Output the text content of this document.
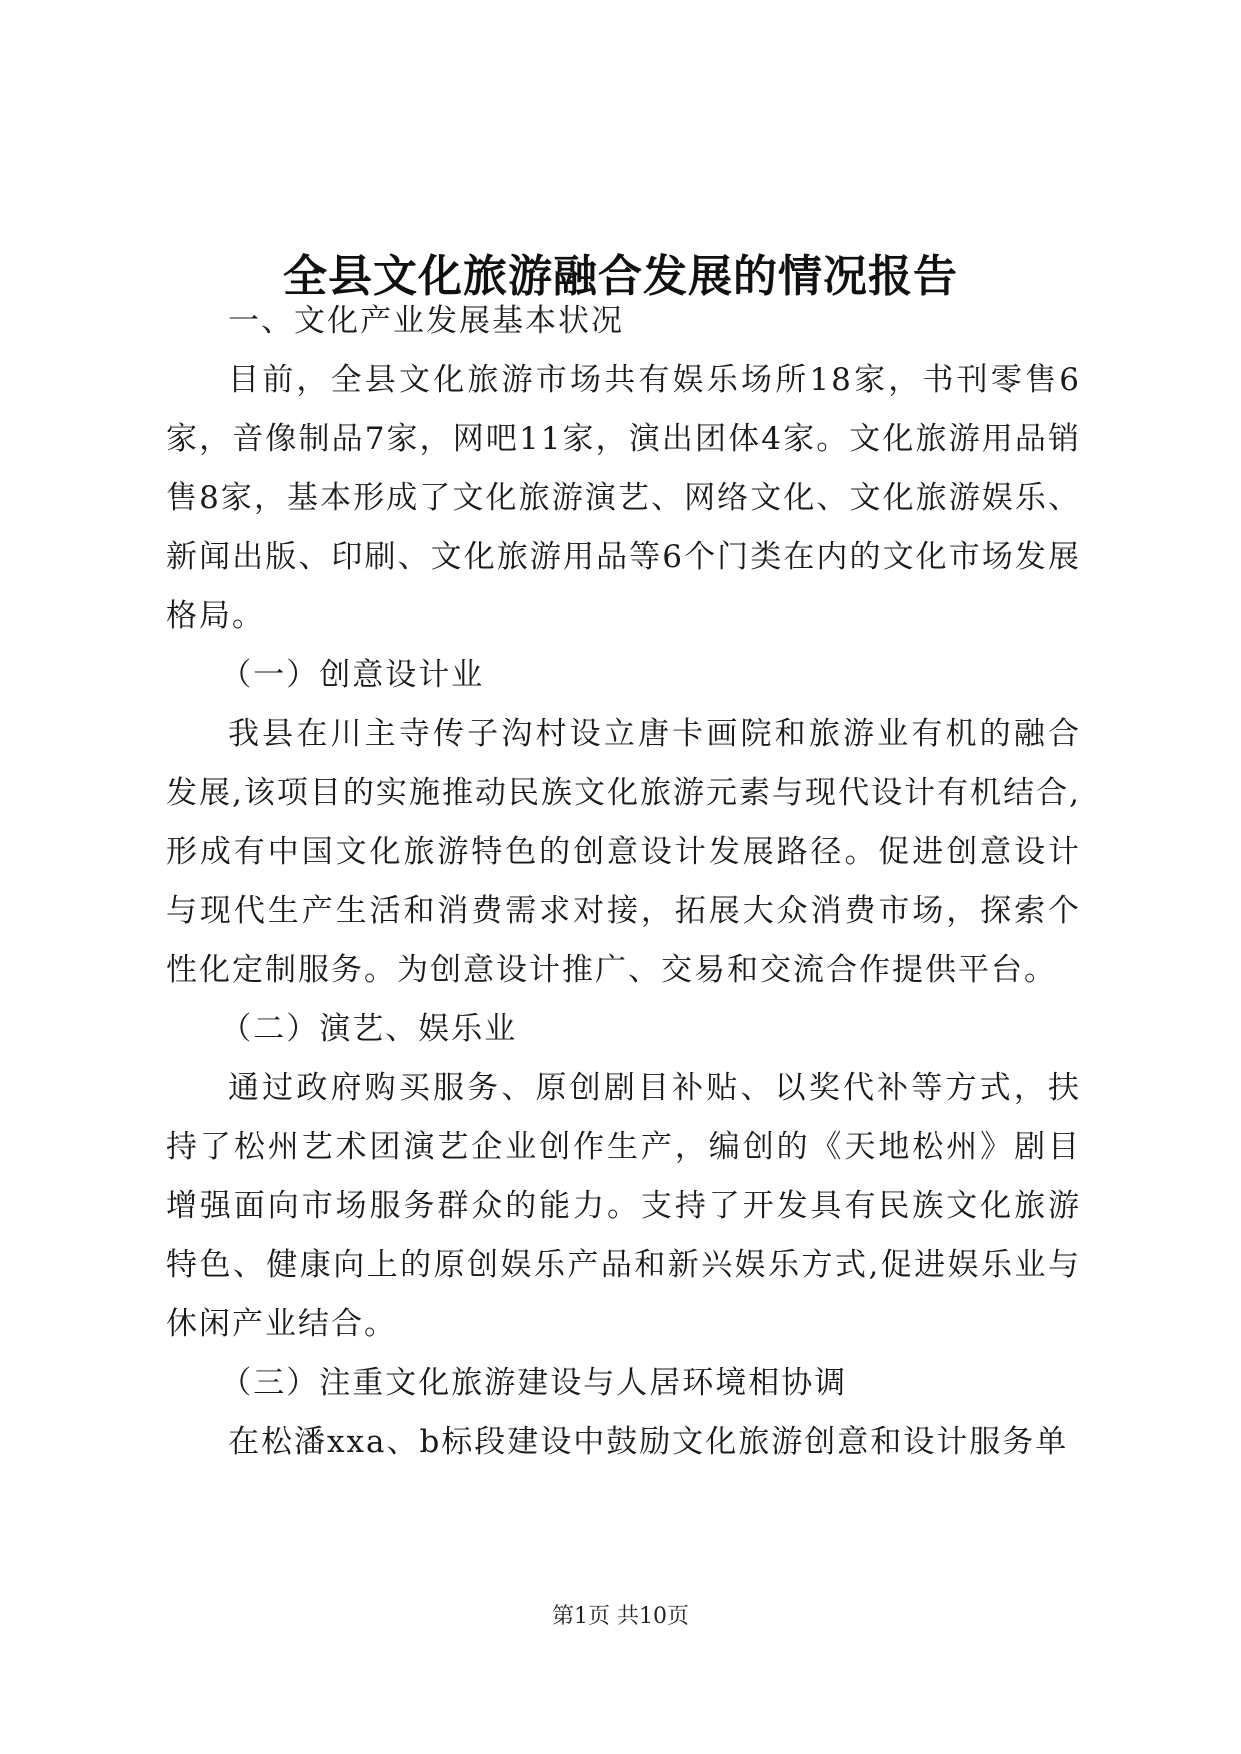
全县文化旅游融合发展的情况报告

一、文化产业发展基本状况

目前，全县文化旅游市场共有娱乐场所18家，书刊零售6家，音像制品7家，网吧11家，演出团体4家。文化旅游用品销售8家，基本形成了文化旅游演艺、网络文化、文化旅游娱乐、新闻出版、印刷、文化旅游用品等6个门类在内的文化市场发展格局。

（一）创意设计业

我县在川主寺传子沟村设立唐卡画院和旅游业有机的融合发展,该项目的实施推动民族文化旅游元素与现代设计有机结合,形成有中国文化旅游特色的创意设计发展路径。促进创意设计与现代生产生活和消费需求对接，拓展大众消费市场，探索个性化定制服务。为创意设计推广、交易和交流合作提供平台。

（二）演艺、娱乐业

通过政府购买服务、原创剧目补贴、以奖代补等方式，扶持了松州艺术团演艺企业创作生产，编创的《天地松州》剧目增强面向市场服务群众的能力。支持了开发具有民族文化旅游特色、健康向上的原创娱乐产品和新兴娱乐方式,促进娱乐业与休闲产业结合。

（三）注重文化旅游建设与人居环境相协调

在松潘xxa、b标段建设中鼓励文化旅游创意和设计服务单

第1页 共10页
